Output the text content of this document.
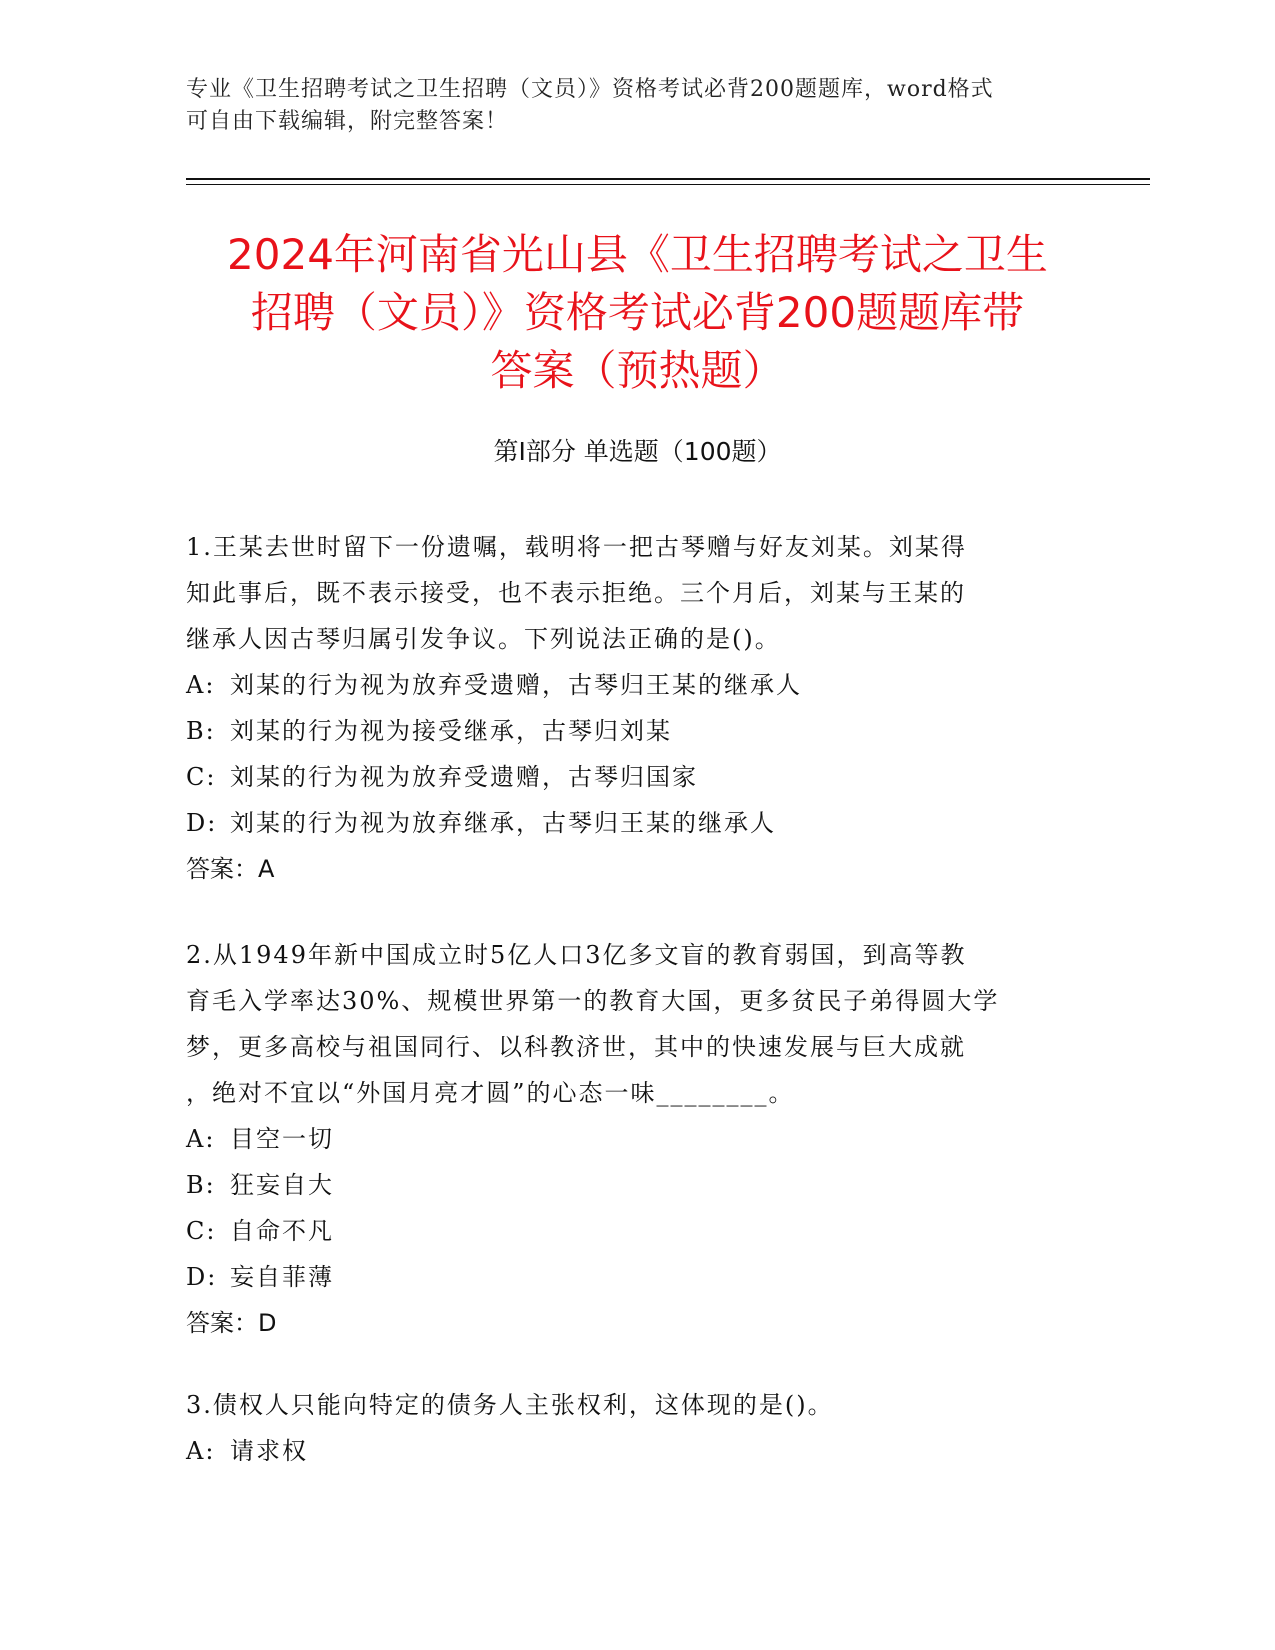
专业《卫生招聘考试之卫生招聘（文员）》资格考试必背200题题库，word格式
可自由下载编辑，附完整答案！
2024年河南省光山县《卫生招聘考试之卫生
招聘（文员）》资格考试必背200题题库带
答案（预热题）
第Ⅰ部分 单选题（100题）

1.王某去世时留下一份遗嘱，载明将一把古琴赠与好友刘某。刘某得
知此事后，既不表示接受，也不表示拒绝。三个月后，刘某与王某的
继承人因古琴归属引发争议。下列说法正确的是()。

A: 刘某的行为视为放弃受遗赠，古琴归王某的继承人

B: 刘某的行为视为接受继承，古琴归刘某

C: 刘某的行为视为放弃受遗赠，古琴归国家

D: 刘某的行为视为放弃继承，古琴归王某的继承人

答案：A

2.从1949年新中国成立时5亿人口3亿多文盲的教育弱国，到高等教
育毛入学率达30%、规模世界第一的教育大国，更多贫民子弟得圆大学
梦，更多高校与祖国同行、以科教济世，其中的快速发展与巨大成就
，绝对不宜以“外国月亮才圆”的心态一味________。

A: 目空一切

B: 狂妄自大

C: 自命不凡

D: 妄自菲薄

答案：D

3.债权人只能向特定的债务人主张权利，这体现的是()。

A: 请求权
